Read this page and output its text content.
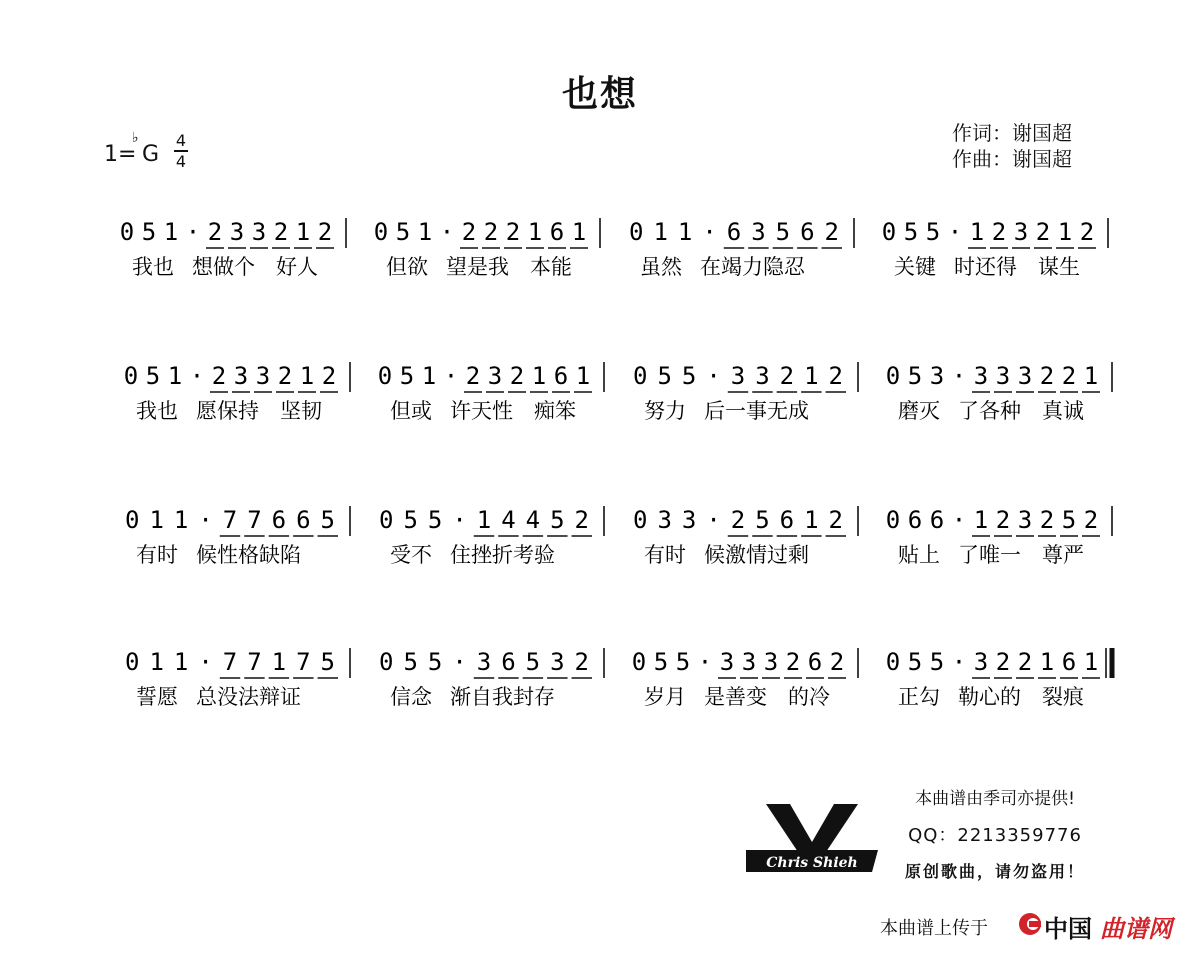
也想
1=
♭
G
4
4
作词：谢国超
作曲：谢国超
0 5 1 · 2 3 3 2 1 2
我也 想做个 好人
0 5 1 · 2 2 2 1 6 1
但欲 望是我 本能
0 1 1 · 6 3 5 6 2
虽然 在竭力隐忍
0 5 5 · 1 2 3 2 1 2
关键 时还得 谋生
0 5 1 · 2 3 3 2 1 2
我也 愿保持 坚韧
0 5 1 · 2 3 2 1 6 1
但或 许天性 痴笨
0 5 5 · 3 3 2 1 2
努力 后一事无成
0 5 3 · 3 3 3 2 2 1
磨灭 了各种 真诚
0 1 1 · 7 7 6 6 5
有时 候性格缺陷
0 5 5 · 1 4 4 5 2
受不 住挫折考验
0 3 3 · 2 5 6 1 2
有时 候激情过剩
0 6 6 · 1 2 3 2 5 2
贴上 了唯一 尊严
0 1 1 · 7 7 1 7 5
誓愿 总没法辩证
0 5 5 · 3 6 5 3 2
信念 渐自我封存
0 5 5 · 3 3 3 2 6 2
岁月 是善变 的冷
0 5 5 · 3 2 2 1 6 1
正勾 勒心的 裂痕
Chris Shieh
本曲谱由季司亦提供!
QQ：2213359776
原创歌曲，请勿盗用！
本曲谱上传于 中国 曲谱网
